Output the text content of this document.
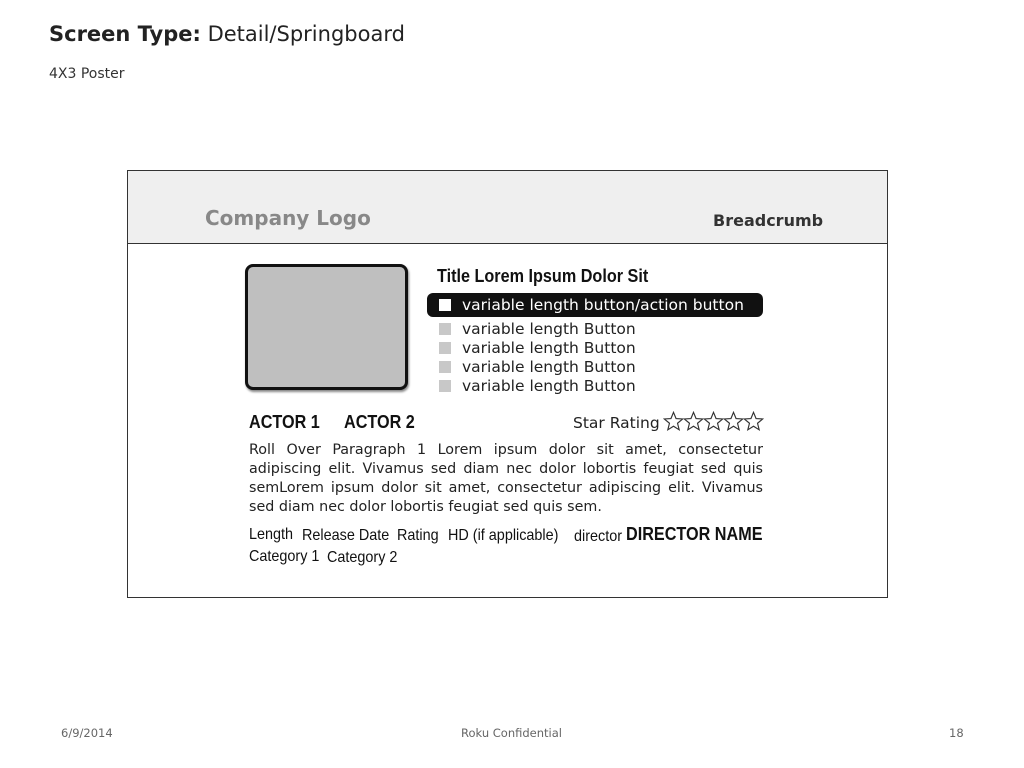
Screen Type: Detail/Springboard
4X3 Poster
Company Logo	Breadcrumb
Title Lorem Ipsum Dolor Sit
variable length button/action button
variable length Button
variable length Button
variable length Button
variable length Button
ACTOR 1 ACTOR 2	Star Rating
Roll Over Paragraph 1 Lorem ipsum dolor sit amet, consectetur adipiscing elit. Vivamus sed diam nec dolor lobortis feugiat sed quis semLorem ipsum dolor sit amet, consectetur adipiscing elit. Vivamus sed diam nec dolor lobortis feugiat sed quis sem.
Length Release Date Rating HD (if applicable) director DIRECTOR NAME
Category 1 Category 2
6/9/2014	Roku Confidential	18
